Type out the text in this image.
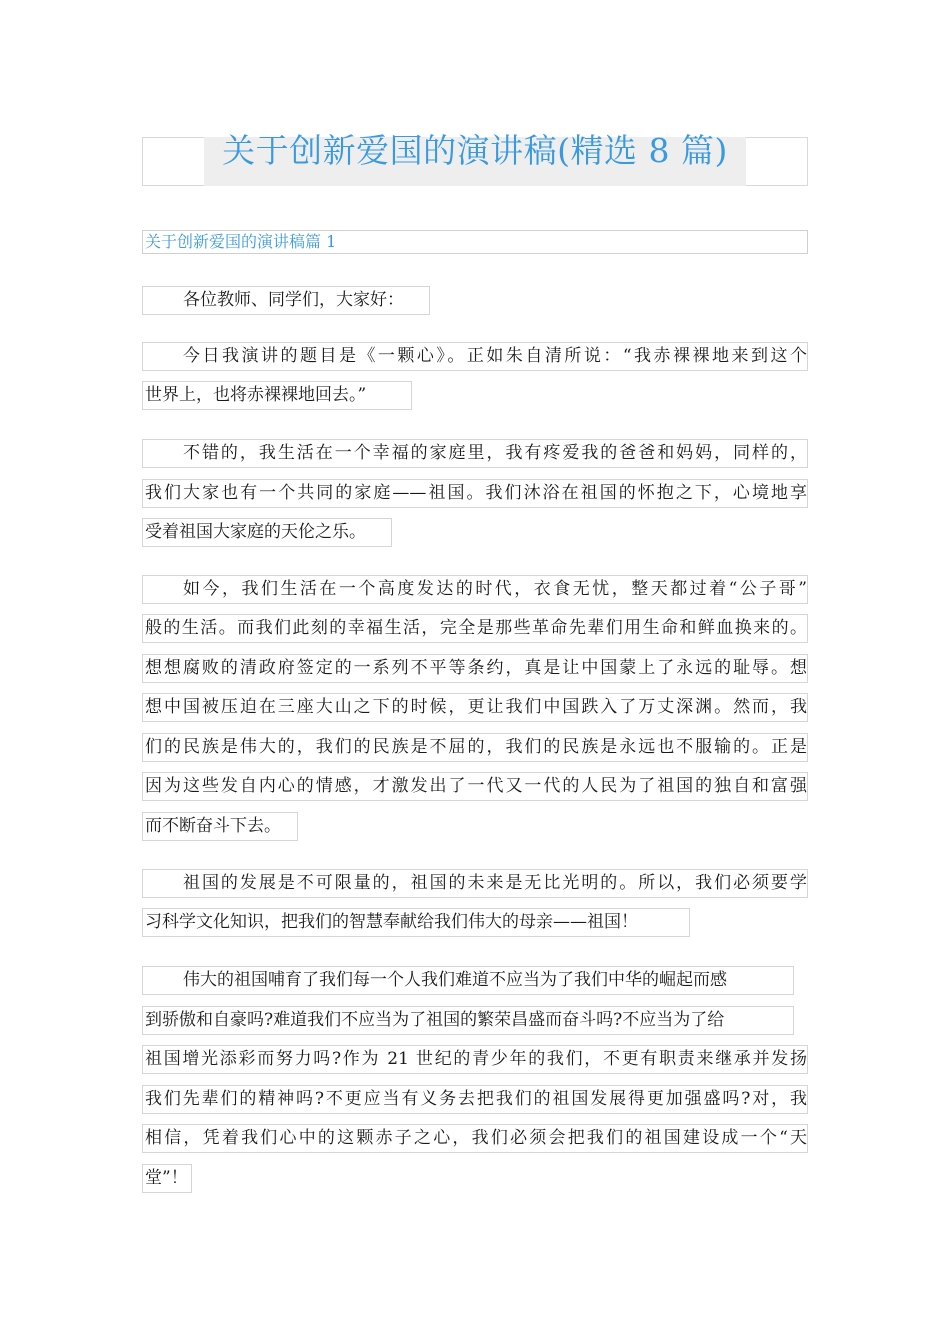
关于创新爱国的演讲稿(精选 8 篇)
关于创新爱国的演讲稿篇 1
各位教师、同学们，大家好：
今日我演讲的题目是《一颗心》。正如朱自清所说：“我赤裸裸地来到这个
世界上，也将赤裸裸地回去。”
不错的，我生活在一个幸福的家庭里，我有疼爱我的爸爸和妈妈，同样的，
我们大家也有一个共同的家庭——祖国。我们沐浴在祖国的怀抱之下，心境地享
受着祖国大家庭的天伦之乐。
如今，我们生活在一个高度发达的时代，衣食无忧，整天都过着“公子哥”
般的生活。而我们此刻的幸福生活，完全是那些革命先辈们用生命和鲜血换来的。
想想腐败的清政府签定的一系列不平等条约，真是让中国蒙上了永远的耻辱。想
想中国被压迫在三座大山之下的时候，更让我们中国跌入了万丈深渊。然而，我
们的民族是伟大的，我们的民族是不屈的，我们的民族是永远也不服输的。正是
因为这些发自内心的情感，才激发出了一代又一代的人民为了祖国的独自和富强
而不断奋斗下去。
祖国的发展是不可限量的，祖国的未来是无比光明的。所以，我们必须要学
习科学文化知识，把我们的智慧奉献给我们伟大的母亲——祖国！
伟大的祖国哺育了我们每一个人我们难道不应当为了我们中华的崛起而感
到骄傲和自豪吗?难道我们不应当为了祖国的繁荣昌盛而奋斗吗?不应当为了给
祖国增光添彩而努力吗?作为 21 世纪的青少年的我们，不更有职责来继承并发扬
我们先辈们的精神吗?不更应当有义务去把我们的祖国发展得更加强盛吗?对，我
相信，凭着我们心中的这颗赤子之心，我们必须会把我们的祖国建设成一个“天
堂”！
